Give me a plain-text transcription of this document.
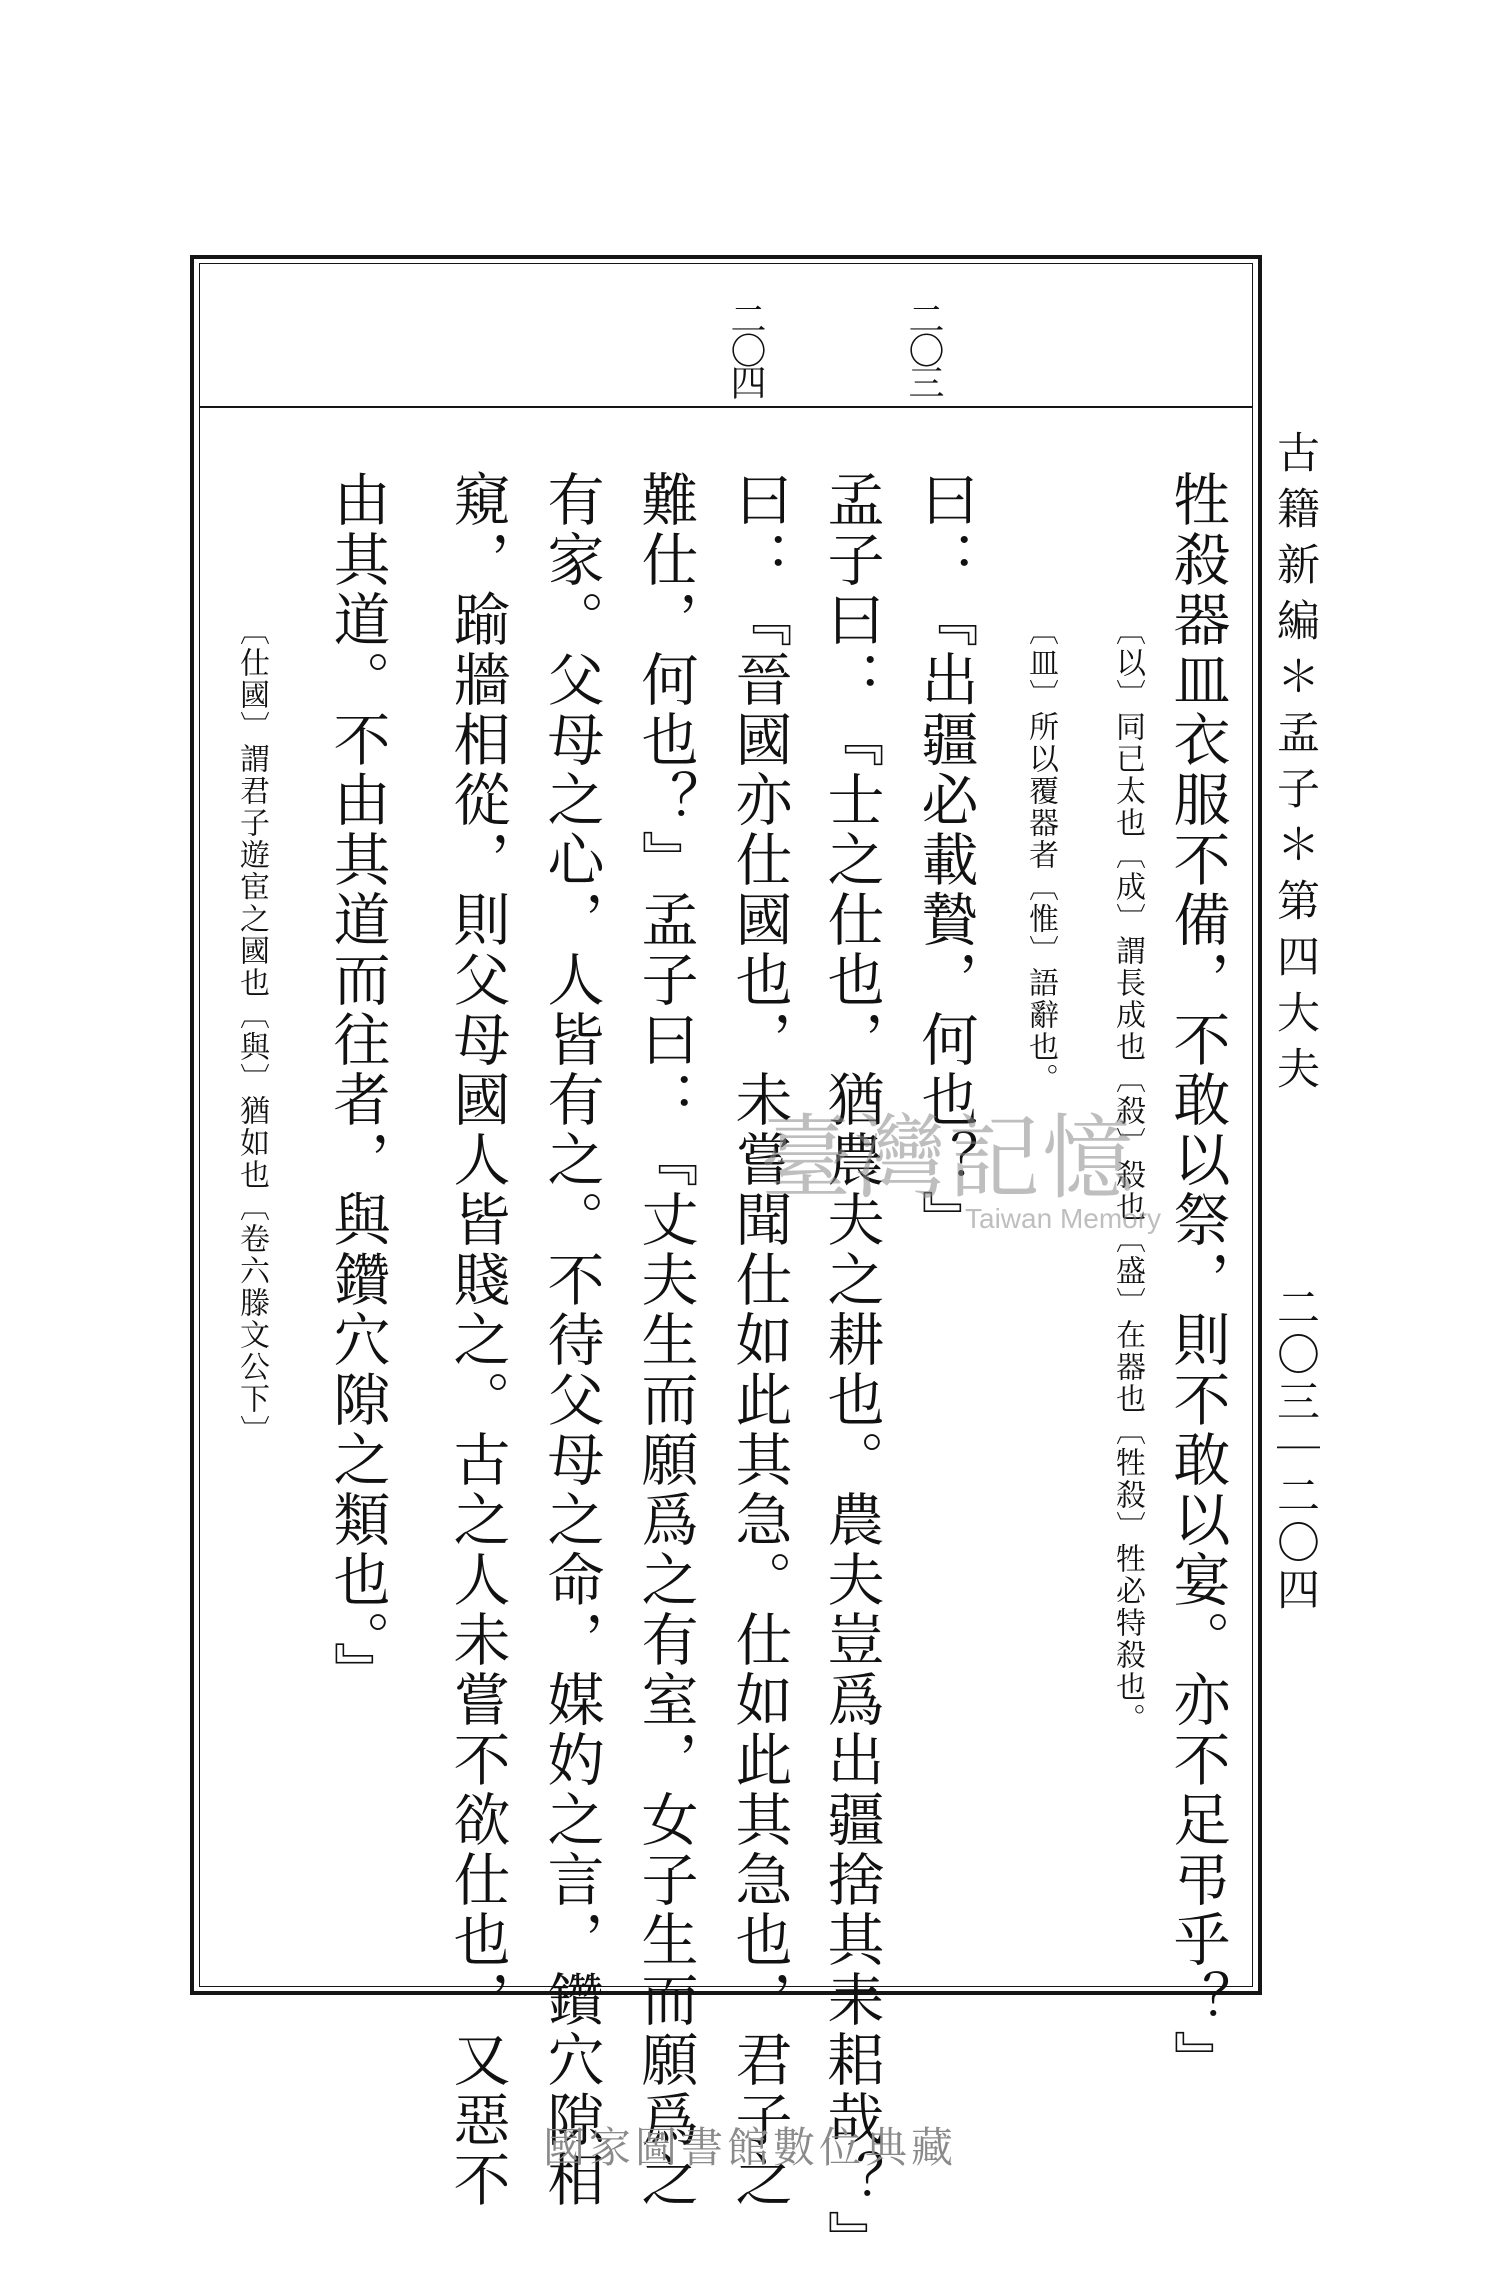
二〇三
二〇四
古籍新編＊孟子＊第四大夫
二〇三｜二〇四
牲殺器皿衣服不備，不敢以祭，則不敢以宴。亦不足弔乎？』
〔以〕同已太也〔成〕謂長成也〔殺〕殺也〔盛〕在器也〔牲殺〕牲必特殺也。
〔皿〕所以覆器者〔惟〕語辭也。
曰：『出疆必載贄，何也？』
孟子曰：『士之仕也，猶農夫之耕也。農夫豈爲出疆捨其耒耜哉？』
曰：『晉國亦仕國也，未嘗聞仕如此其急。仕如此其急也，君子之
難仕，何也？』孟子曰：『丈夫生而願爲之有室，女子生而願爲之
有家。父母之心，人皆有之。不待父母之命，媒妁之言，鑽穴隙相
窺，踰牆相從，則父母國人皆賤之。古之人未嘗不欲仕也，又惡不
由其道。不由其道而往者，與鑽穴隙之類也。』
〔仕國〕謂君子遊宦之國也〔與〕猶如也〔卷六滕文公下〕	臺灣記憶
Taiwan Memory
國家圖書館數位典藏
